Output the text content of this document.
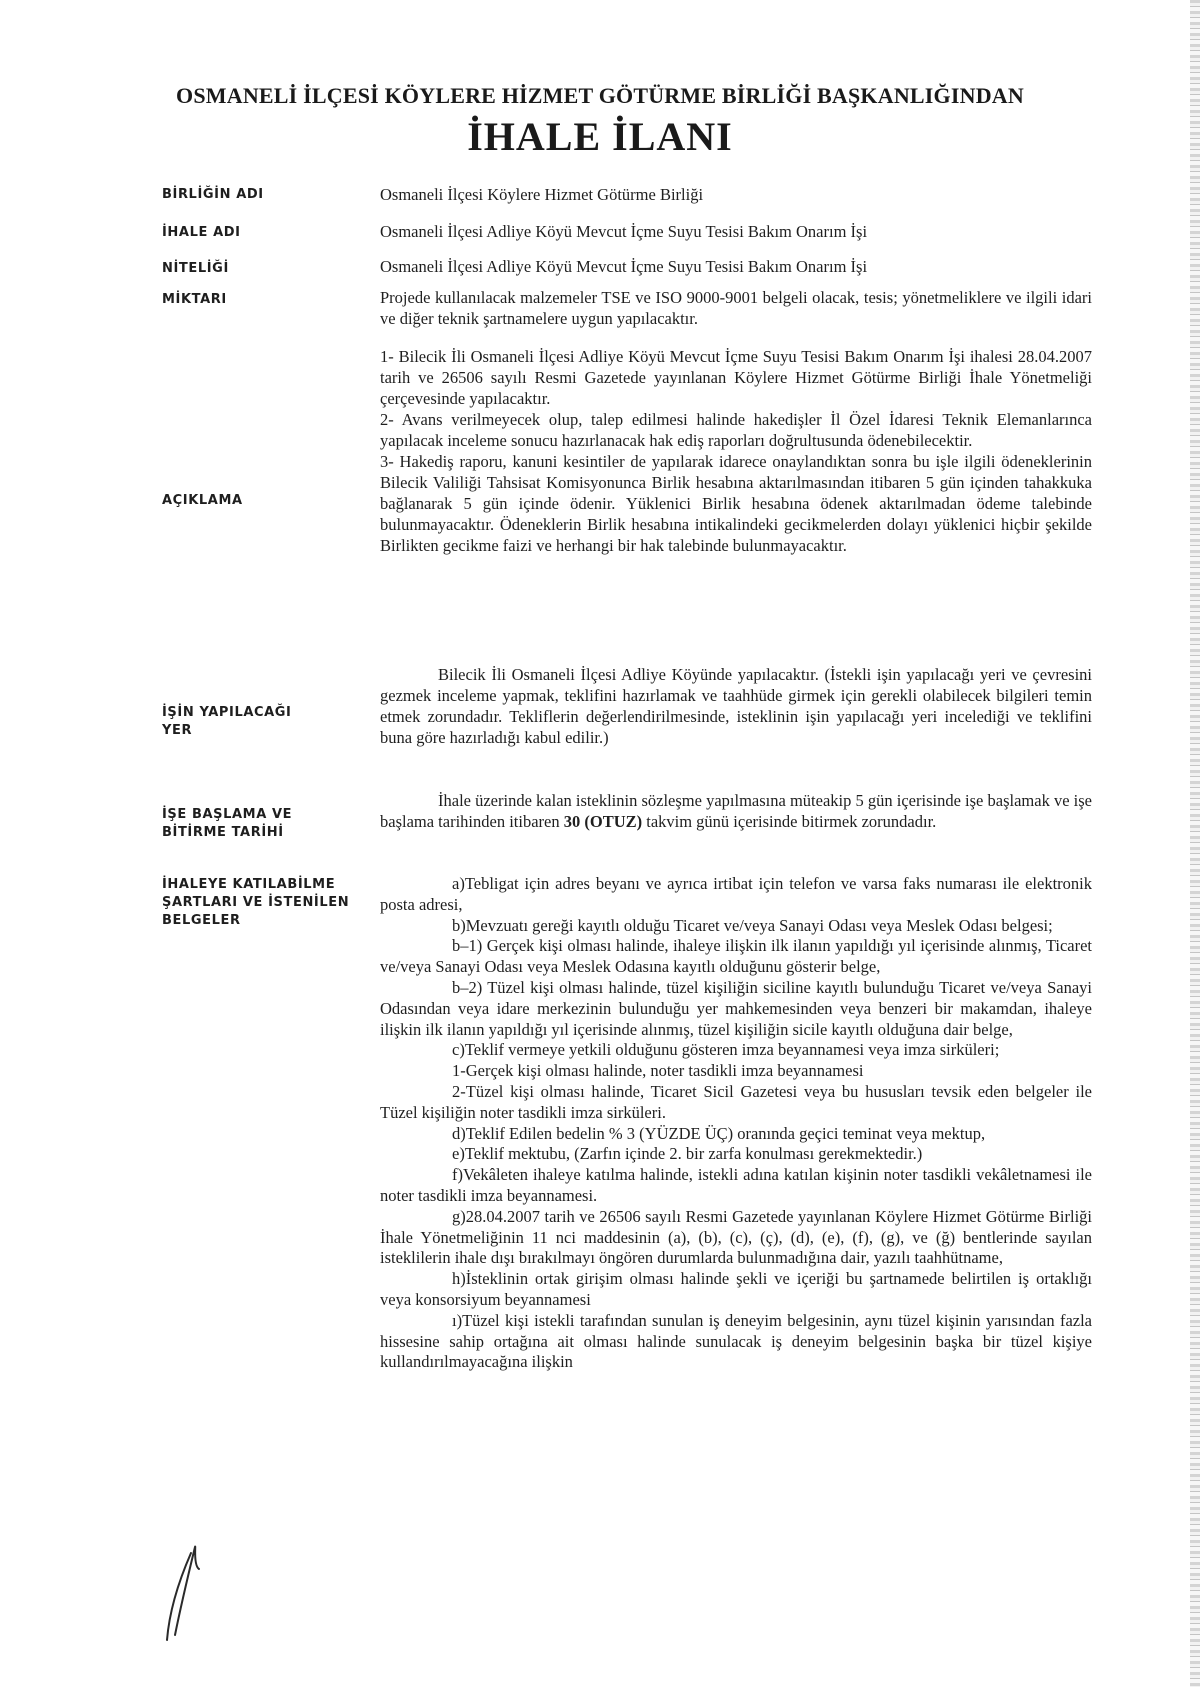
OSMANELİ İLÇESİ KÖYLERE HİZMET GÖTÜRME BİRLİĞİ BAŞKANLIĞINDAN

İHALE İLANI

BİRLİĞİN ADI
İHALE ADI
NİTELİĞİ
MİKTARI
AÇIKLAMA
İŞİN YAPILACAĞI YER
İŞE BAŞLAMA VE BİTİRME TARİHİ
İHALEYE KATILABİLME ŞARTLARI VE İSTENİLEN BELGELER
Osmaneli İlçesi Köylere Hizmet Götürme Birliği
Osmaneli İlçesi Adliye Köyü Mevcut İçme Suyu Tesisi Bakım Onarım İşi
Osmaneli İlçesi Adliye Köyü Mevcut İçme Suyu Tesisi Bakım Onarım İşi
Projede kullanılacak malzemeler TSE ve ISO 9000-9001 belgeli olacak, tesis; yönetmeliklere ve ilgili idari ve diğer teknik şartnamelere uygun yapılacaktır.

1- Bilecik İli Osmaneli İlçesi Adliye Köyü Mevcut İçme Suyu Tesisi Bakım Onarım İşi ihalesi 28.04.2007 tarih ve 26506 sayılı Resmi Gazetede yayınlanan Köylere Hizmet Götürme Birliği İhale Yönetmeliği çerçevesinde yapılacaktır.

2- Avans verilmeyecek olup, talep edilmesi halinde hakedişler İl Özel İdaresi Teknik Elemanlarınca yapılacak inceleme sonucu hazırlanacak hak ediş raporları doğrultusunda ödenebilecektir.

3- Hakediş raporu, kanuni kesintiler de yapılarak idarece onaylandıktan sonra bu işle ilgili ödeneklerinin Bilecik Valiliği Tahsisat Komisyonunca Birlik hesabına aktarılmasından itibaren 5 gün içinden tahakkuka bağlanarak 5 gün içinde ödenir. Yüklenici Birlik hesabına ödenek aktarılmadan ödeme talebinde bulunmayacaktır. Ödeneklerin Birlik hesabına intikalindeki gecikmelerden dolayı yüklenici hiçbir şekilde Birlikten gecikme faizi ve herhangi bir hak talebinde bulunmayacaktır.

Bilecik İli Osmaneli İlçesi Adliye Köyünde yapılacaktır. (İstekli işin yapılacağı yeri ve çevresini gezmek inceleme yapmak, teklifini hazırlamak ve taahhüde girmek için gerekli olabilecek bilgileri temin etmek zorundadır. Tekliflerin değerlendirilmesinde, isteklinin işin yapılacağı yeri incelediği ve teklifini buna göre hazırladığı kabul edilir.)

İhale üzerinde kalan isteklinin sözleşme yapılmasına müteakip 5 gün içerisinde işe başlamak ve işe başlama tarihinden itibaren 30 (OTUZ) takvim günü içerisinde bitirmek zorundadır.

a)Tebligat için adres beyanı ve ayrıca irtibat için telefon ve varsa faks numarası ile elektronik posta adresi,

b)Mevzuatı gereği kayıtlı olduğu Ticaret ve/veya Sanayi Odası veya Meslek Odası belgesi;

b–1) Gerçek kişi olması halinde, ihaleye ilişkin ilk ilanın yapıldığı yıl içerisinde alınmış, Ticaret ve/veya Sanayi Odası veya Meslek Odasına kayıtlı olduğunu gösterir belge,

b–2) Tüzel kişi olması halinde, tüzel kişiliğin siciline kayıtlı bulunduğu Ticaret ve/veya Sanayi Odasından veya idare merkezinin bulunduğu yer mahkemesinden veya benzeri bir makamdan, ihaleye ilişkin ilk ilanın yapıldığı yıl içerisinde alınmış, tüzel kişiliğin sicile kayıtlı olduğuna dair belge,

c)Teklif vermeye yetkili olduğunu gösteren imza beyannamesi veya imza sirküleri;

1-Gerçek kişi olması halinde, noter tasdikli imza beyannamesi

2-Tüzel kişi olması halinde, Ticaret Sicil Gazetesi veya bu hususları tevsik eden belgeler ile Tüzel kişiliğin noter tasdikli imza sirküleri.

d)Teklif Edilen bedelin % 3 (YÜZDE ÜÇ) oranında geçici teminat veya mektup,

e)Teklif mektubu, (Zarfın içinde 2. bir zarfa konulması gerekmektedir.)

f)Vekâleten ihaleye katılma halinde, istekli adına katılan kişinin noter tasdikli vekâletnamesi ile noter tasdikli imza beyannamesi.

g)28.04.2007 tarih ve 26506 sayılı Resmi Gazetede yayınlanan Köylere Hizmet Götürme Birliği İhale Yönetmeliğinin 11 nci maddesinin (a), (b), (c), (ç), (d), (e), (f), (g), ve (ğ) bentlerinde sayılan isteklilerin ihale dışı bırakılmayı öngören durumlarda bulunmadığına dair, yazılı taahhütname,

h)İsteklinin ortak girişim olması halinde şekli ve içeriği bu şartnamede belirtilen iş ortaklığı veya konsorsiyum beyannamesi

ı)Tüzel kişi istekli tarafından sunulan iş deneyim belgesinin, aynı tüzel kişinin yarısından fazla hissesine sahip ortağına ait olması halinde sunulacak iş deneyim belgesinin başka bir tüzel kişiye kullandırılmayacağına ilişkin
